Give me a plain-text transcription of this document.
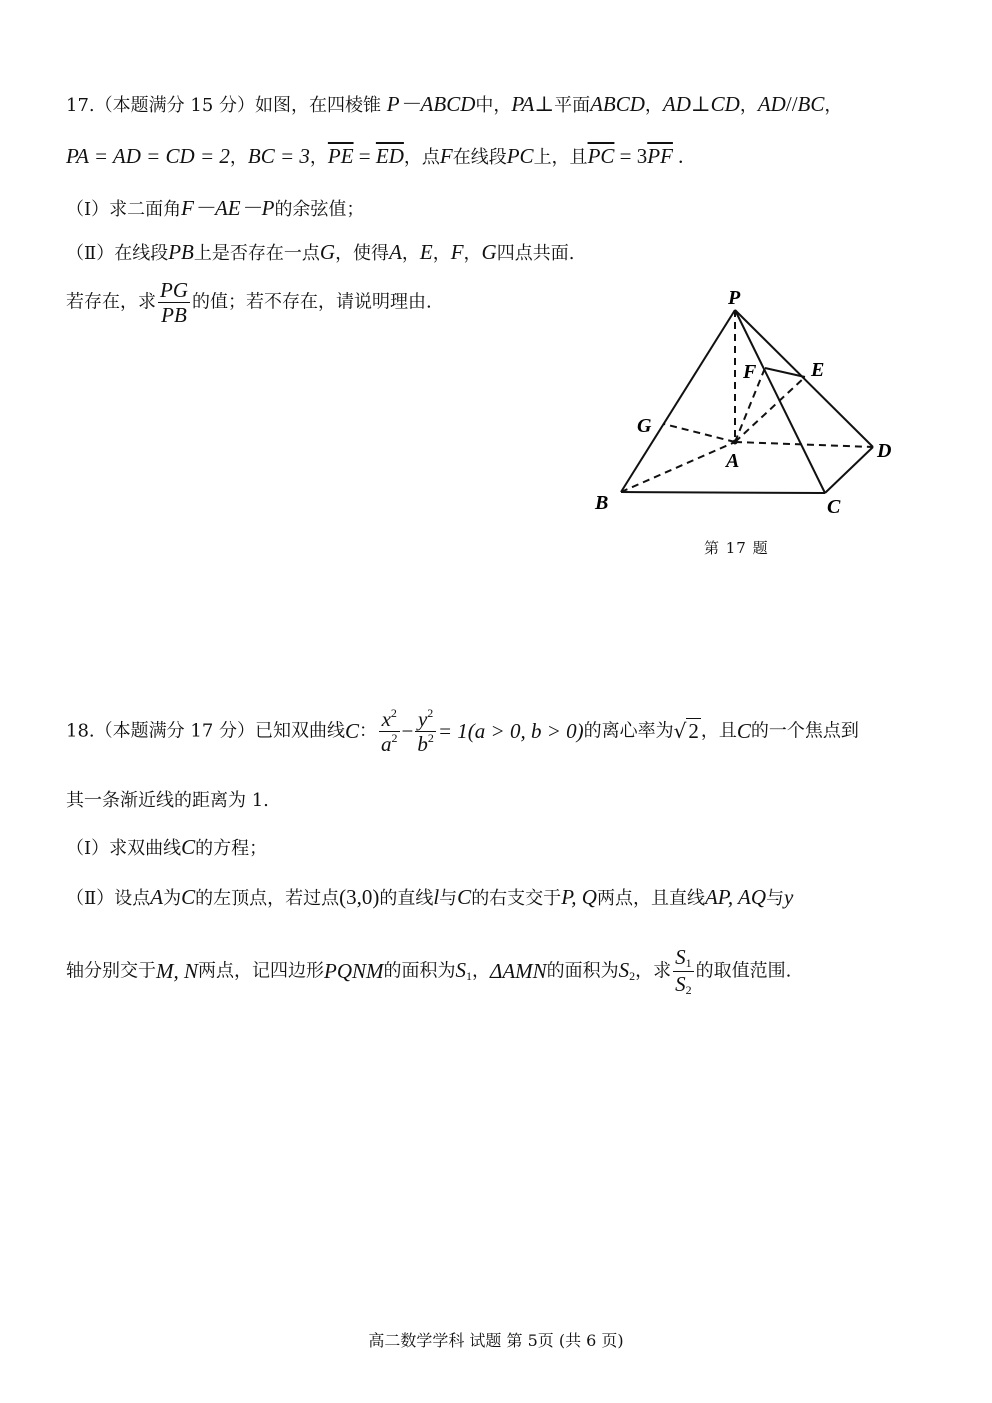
17.（本题满分 15 分）如图，在四棱锥 P－ABCD中，PA⊥平面ABCD，AD⊥CD，AD//BC，
PA = AD = CD = 2，BC = 3，$\overline{PE} = \overline{ED}$，点F在线段PC上，且$\overline{PC} = 3\overline{PF}$ .
（Ⅰ）求二面角F－AE－P的余弦值；
（Ⅱ）在线段PB上是否存在一点G，使得A，E，F，G四点共面.
若存在，求 $\frac{PG}{PB}$ 的值；若不存在，请说明理由.	P
E
F
G
A	D
B	C
第 17 题
18.（本题满分 17 分）已知双曲线C： $\frac{x^2}{a^2} - \frac{y^2}{b^2} = 1(a > 0$, b > 0)的离心率为√2 ，且C的一个焦点到
其一条渐近线的距离为 1.
（Ⅰ）求双曲线C的方程；
（Ⅱ）设点A为C的左顶点，若过点(3,0)的直线l与C的右支交于P, Q两点，且直线AP, AQ与y
轴分别交于M, N两点，记四边形PQNM的面积为$S_1$，ΔAMN的面积为$S_2$，求 $\frac{S_1}{S_2}$ 的取值范围.
高二数学学科 试题 第 5页 (共 6 页)
